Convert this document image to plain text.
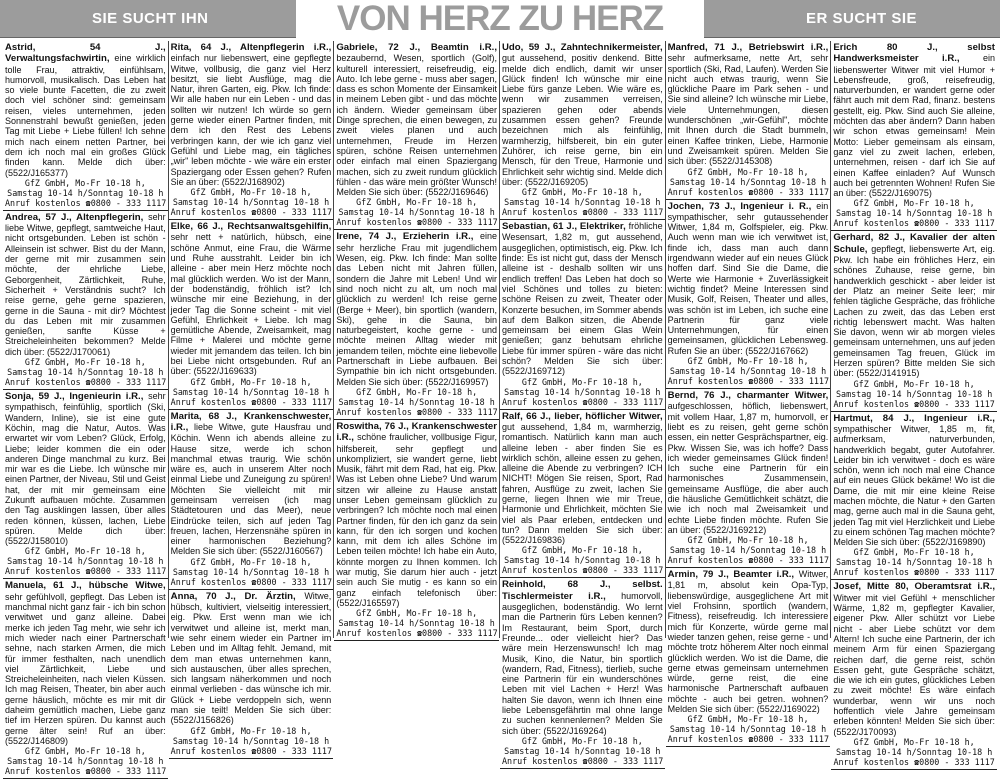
SIE SUCHT IHN	VON HERZ ZU HERZ	ER SUCHT SIE

Astrid, 54 J., Verwaltungsfachwirtin, eine wirklich tolle Frau, attraktiv, einfühlsam, humorvoll, musikalisch. Das Leben hat so viele bunte Facetten, die zu zweit doch viel schöner sind: gemeinsam reisen, vieles unternehmen, jeden Sonnenstrahl bewußt genießen, jeden Tag mit Liebe + Liebe füllen! Ich sehne mich nach einem netten Partner, bei dem ich noch mal ein großes Glück finden kann. Melde dich über: (5522/J165377)

GfZ GmbH, Mo-Fr 10-18 h,
Samstag 10-14 h/Sonntag 10-18 h
Anruf kostenlos ☎0800 - 333 1117

Andrea, 57 J., Altenpflegerin, sehr liebe Witwe, gepflegt, samtweiche Haut, nicht ortsgebunden. Leben ist schön - Alleinsein ist schwer. Bist du der Mann, der gerne mit mir zusammen sein möchte, der ehrliche Liebe, Geborgenheit, Zärtlichkeit, Ruhe, Sicherheit + Verständnis sucht? Ich reise gerne, gehe gerne spazieren, gerne in die Sauna - mit dir? Möchtest du das Leben mit mir zusammen genießen, sanfte Küsse + Streicheleinheiten bekommen? Melde dich über: (5522/J170061)

GfZ GmbH, Mo-Fr 10-18 h,
Samstag 10-14 h/Sonntag 10-18 h
Anruf kostenlos ☎0800 - 333 1117

Sonja, 59 J., Ingenieurin i.R., sehr sympathisch, feinfühlig, sportlich (Ski, Wandern, Inline), sie ist eine gute Köchin, mag die Natur, Autos. Was erwartet wir vom Leben? Glück, Erfolg, Liebe; leider kommen die ein oder anderen Dinge manchmal zu kurz. Bei mir war es die Liebe. Ich wünsche mir einen Partner, der Niveau, Stil und Geist hat, der mit mir gemeinsam eine Zukunft aufbauen möchte. Zusammen den Tag ausklingen lassen, über alles reden können, küssen, lachen, Liebe spüren. Melde dich über: (5522/J158010)

GfZ GmbH, Mo-Fr 10-18 h,
Samstag 10-14 h/Sonntag 10-18 h
Anruf kostenlos ☎0800 - 333 1117

Manuela, 61 J., hübsche Witwe, sehr gefühlvoll, gepflegt. Das Leben ist manchmal nicht ganz fair - ich bin schon verwitwet und ganz alleine. Dabei merke ich jeden Tag mehr, wie sehr ich mich wieder nach einer Partnerschaft sehne, nach starken Armen, die mich für immer festhalten, nach unendlich viel Zärtlichkeit, Liebe und Streicheleinheiten, nach vielen Küssen. Ich mag Reisen, Theater, bin aber auch gerne häuslich, möchte es mir mit dir daheim gemütlich machen, Liebe ganz tief im Herzen spüren. Du kannst auch gerne älter sein! Ruf an über: (5522/J146809)

GfZ GmbH, Mo-Fr 10-18 h,
Samstag 10-14 h/Sonntag 10-18 h
Anruf kostenlos ☎0800 - 333 1117

Rita, 64 J., Altenpflegerin i.R., einfach nur liebenswert, eine gepflegte Witwe, vollbusig, die ganz viel Herz besitzt, sie liebt Ausflüge, mag die Natur, ihren Garten, eig. Pkw. Ich finde: Wir alle haben nur ein Leben - und das sollten wir nutzen! Ich würde so gern gerne wieder einen Partner finden, mit dem ich den Rest des Lebens verbringen kann, der wie ich ganz viel Gefühl und Liebe mag, ein tägliches „wir" leben möchte - wie wäre ein erster Spaziergang oder Essen gehen? Rufen Sie an über: (5522/J168902)

GfZ GmbH, Mo-Fr 10-18 h,
Samstag 10-14 h/Sonntag 10-18 h
Anruf kostenlos ☎0800 - 333 1117

Elke, 66 J., Rechtsanwaltsgehilfin, sehr nett + natürlich, hübsch, eine schöne Anmut, eine Frau, die Wärme und Ruhe ausstrahlt. Leider bin ich alleine - aber mein Herz möchte noch mal glücklich werden. Wo ist der Mann, der bodenständig, fröhlich ist? Ich wünsche mir eine Beziehung, in der jeder Tag die Sonne scheint - mit viel Gefühl, Ehrlichkeit + Liebe. Ich mag gemütliche Abende, Zweisamkeit, mag Filme + Malerei und möchte gerne wieder mit jemandem das teilen. Ich bin bei Liebe nicht ortsgebunden. Ruf an über: (5522/J169633)

GfZ GmbH, Mo-Fr 10-18 h,
Samstag 10-14 h/Sonntag 10-18 h
Anruf kostenlos ☎0800 - 333 1117

Marita, 68 J., Krankenschwester, i.R., liebe Witwe, gute Hausfrau und Köchin. Wenn ich abends alleine zu Hause sitze, werde ich schon manchmal etwas traurig. Wie schön wäre es, auch in unserem Alter noch einmal Liebe und Zuneigung zu spüren! Möchten Sie vielleicht mit mir gemeinsam verreisen (ich mag Städtetouren und das Meer), neue Eindrücke teilen, sich auf jeden Tag freuen, lachen, Herzensnähe spüren in einer harmonischen Beziehung? Melden Sie sich über: (5522/J160567)

GfZ GmbH, Mo-Fr 10-18 h,
Samstag 10-14 h/Sonntag 10-18 h
Anruf kostenlos ☎0800 - 333 1117

Anna, 70 J., Dr. Ärztin, Witwe, hübsch, kultiviert, vielseitig interessiert, eig. Pkw. Erst wenn man wie ich verwitwet und alleine ist, merkt man, wie sehr einem wieder ein Partner im Leben und im Alltag fehlt. Jemand, mit dem man etwas unternehmen kann, sich austauschen, über alles sprechen, sich langsam näherkommen und noch einmal verlieben - das wünsche ich mir. Glück + Liebe verdoppeln sich, wenn man sie teilt! Melden Sie sich über: (5522/J156826)

GfZ GmbH, Mo-Fr 10-18 h,
Samstag 10-14 h/Sonntag 10-18 h
Anruf kostenlos ☎0800 - 333 1117

Gabriele, 72 J., Beamtin i.R., bezaubernd, Wesen, sportlich (Golf), kulturell interessiert, reisefreudig, eig. Auto. Ich lebe gerne - muss aber sagen, dass es schon Momente der Einsamkeit in meinem Leben gibt - und das möchte ich ändern. Wieder gemeinsam über Dinge sprechen, die einen bewegen, zu zweit vieles planen und auch unternehmen, Freude im Herzen spüren, schöne Reisen unternehmen oder einfach mal einen Spaziergang machen, sich zu zweit rundum glücklich fühlen - das wäre mein größter Wunsch! Melden Sie sich über: (5522/J169646)

GfZ GmbH, Mo-Fr 10-18 h,
Samstag 10-14 h/Sonntag 10-18 h
Anruf kostenlos ☎0800 - 333 1117

Irene, 74 J., Erzieherin i.R., eine sehr herzliche Frau mit jugendlichem Wesen, eig. Pkw. Ich finde: Man sollte das Leben nicht mit Jahren füllen, sondern die Jahre mit Leben! Und wir sind noch nicht zu alt, um noch mal glücklich zu werden! Ich reise gerne (Berge + Meer), bin sportlich (wandern, Ski), gehe in die Sauna, bin naturbegeistert, koche gerne - und möchte meinen Alltag wieder mit jemandem teilen, möchte eine liebevolle Partnerschaft in Liebe aufbauen. Bei Sympathie bin ich nicht ortsgebunden. Melden Sie sich über: (5522/J169957)

GfZ GmbH, Mo-Fr 10-18 h,
Samstag 10-14 h/Sonntag 10-18 h
Anruf kostenlos ☎0800 - 333 1117

Roswitha, 76 J., Krankenschwester i.R., schöne fraulicher, vollbusige Figur, hilfsbereit, sehr gepflegt und unkompliziert, sie wandert gerne, liebt Musik, fährt mit dem Rad, hat eig. Pkw. Was ist Leben ohne Liebe? Und warum sitzen wir alleine zu Hause anstatt unser Leben gemeinsam glücklich zu verbringen? Ich möchte noch mal einen Partner finden, für den ich ganz da sein kann, für den ich sorgen und kochen kann, mit dem ich alles Schöne im Leben teilen möchte! Ich habe ein Auto, könnte morgen zu Ihnen kommen. Ich war mutig, Sie darum hier auch - jetzt sein auch Sie mutig - es kann so ein ganz einfach telefonisch über: (5522/J165597)

GfZ GmbH, Mo-Fr 10-18 h,
Samstag 10-14 h/Sonntag 10-18 h
Anruf kostenlos ☎0800 - 333 1117

Udo, 59 J., Zahntechnikermeister, gut aussehend, positiv denkend. Bitte melde dich endlich, damit wir unser Glück finden! Ich wünsche mir eine Liebe fürs ganze Leben. Wie wäre es, wenn wir zusammen verreisen, spazieren gehen oder abends zusammen essen gehen? Freunde bezeichnen mich als feinfühlig, warmherzig, hilfsbereit, bin ein guter Zuhörer, ich reise gerne, bin ein Mensch, für den Treue, Harmonie und Ehrlichkeit sehr wichtig sind. Melde dich über: (5522/J169205)

GfZ GmbH, Mo-Fr 10-18 h,
Samstag 10-14 h/Sonntag 10-18 h
Anruf kostenlos ☎0800 - 333 1117

Sebastian, 61 J., Elektriker, fröhliche Wesensart, 1,82 m, gut aussehend, ausgeglichen, optimistisch, eig. Pkw. Ich finde: Es ist nicht gut, dass der Mensch alleine ist - deshalb sollten wir uns endlich treffen! Das Leben hat doch so viel Schönes und tolles zu bieten: schöne Reisen zu zweit, Theater oder Konzerte besuchen, im Sommer abends auf dem Balkon sitzen, die Abende gemeinsam bei einem Glas Wein genießen; ganz behutsam ehrliche Liebe für immer spüren - wäre das nicht schön? Melden Sie sich über: (5522/J169712)

GfZ GmbH, Mo-Fr 10-18 h,
Samstag 10-14 h/Sonntag 10-18 h
Anruf kostenlos ☎0800 - 333 1117

Ralf, 66 J., lieber, höflicher Witwer, gut aussehend, 1,84 m, warmherzig, romantisch. Natürlich kann man auch alleine leben - aber finden Sie es wirklich schön, alleine essen zu gehen, alleine die Abende zu verbringen? ICH NICHT! Mögen Sie reisen, Sport, Rad fahren, Ausflüge zu zweit, lachen Sie gerne, liegen Ihnen wie mir Treue, Harmonie und Ehrlichkeit, möchten Sie viel als Paar erleben, entdecken und tun? Dann melden Sie sich über: (5522/J169836)

GfZ GmbH, Mo-Fr 10-18 h,
Samstag 10-14 h/Sonntag 10-18 h
Anruf kostenlos ☎0800 - 333 1117

Reinhold, 68 J., selbst. Tischlermeister i.R., humorvoll, ausgeglichen, bodenständig. Wo lernt man die Partnerin fürs Leben kennen? Im Restaurant, beim Sport, durch Freunde... oder vielleicht hier? Das wäre mein Herzenswunsch! Ich mag Musik, Kino, die Natur, bin sportlich (wandern, Rad, Fitness), tierlieb, suche eine Partnerin für ein wunderschönes Leben mit viel Lachen + Herz! Was halten Sie davon, wenn ich Ihnen eine liebe Lebensgefährtin mal ohne lange zu suchen kennenlernen? Melden Sie sich über: (5522/J169264)

GfZ GmbH, Mo-Fr 10-18 h,
Samstag 10-14 h/Sonntag 10-18 h
Anruf kostenlos ☎0800 - 333 1117

Manfred, 71 J., Betriebswirt i.R., sehr aufmerksame, nette Art, sehr sportlich (Ski, Rad, Laufen). Werden Sie nicht auch etwas traurig, wenn Sie glückliche Paare im Park sehen - und Sie sind alleine? Ich wünsche mir Liebe, viele Unternehmungen, diesen wunderschönen „wir-Gefühl", möchte mit Ihnen durch die Stadt bummeln, einen Kaffee trinken, Liebe, Harmonie und Zweisamkeit spüren. Melden Sie sich über: (5522/J145308)

GfZ GmbH, Mo-Fr 10-18 h,
Samstag 10-14 h/Sonntag 10-18 h
Anruf kostenlos ☎0800 - 333 1117

Jochen, 73 J., Ingenieur i. R., ein sympathischer, sehr gutaussehender Witwer, 1,84 m, Golfspieler, eig. Pkw. Auch wenn man wie ich verwitwet ist, finde ich, dass man auch dann irgendwann wieder auf ein neues Glück hoffen darf. Sind Sie die Dame, die Werte wie Harmonie + Zuverlässigkeit wichtig findet? Meine Interessen sind Musik, Golf, Reisen, Theater und alles, was schön ist im Leben, ich suche eine Partnerin für ganz viele Unternehmungen, für einen gemeinsamen, glücklichen Lebensweg. Rufen Sie an über: (5522/J167662)

GfZ GmbH, Mo-Fr 10-18 h,
Samstag 10-14 h/Sonntag 10-18 h
Anruf kostenlos ☎0800 - 333 1117

Bernd, 76 J., charmanter Witwer, aufgeschlossen, höflich, liebenswert, mit vollem Haar, 1,87 m, humorvoll, er liebt es zu reisen, geht gerne schön essen, ein netter Gesprächspartner, eig. Pkw. Wissen Sie, was ich hoffe? Dass ich wieder gemeinsames Glück finden! Ich suche eine Partnerin für ein harmonisches Zusammensein, gemeinsame Ausflüge, die aber auch die häusliche Gemütlichkeit schätzt, die wie ich noch mal Zweisamkeit und echte Liebe finden möchte. Rufen Sie an über: (5522/J169212)

GfZ GmbH, Mo-Fr 10-18 h,
Samstag 10-14 h/Sonntag 10-18 h
Anruf kostenlos ☎0800 - 333 1117

Armin, 79 J., Beamter i.R., Witwer, 1,81 m, absolut kein Opa-Typ, liebenswürdige, ausgeglichene Art mit viel Frohsinn, sportlich (wandern, Fitness), reisefreudig. Ich interessiere mich für Konzerte, würde gerne mal wieder tanzen gehen, reise gerne - und möchte trotz höherem Alter noch einmal glücklich werden. Wo ist die Dame, die gerne etwas gemeinsam unternehmen würde, gerne reist, die eine harmonische Partnerschaft aufbauen möchte - auch bei getren. wohnen? Melden Sie sich über: (5522/J169022)

GfZ GmbH, Mo-Fr 10-18 h,
Samstag 10-14 h/Sonntag 10-18 h
Anruf kostenlos ☎0800 - 333 1117

Erich 80 J., selbst Handwerksmeister i.R., ein liebenswerter Witwer mit viel Humor + Lebensfreude, groß, reisefreudig, naturverbunden, er wandert gerne oder fährt auch mit dem Rad, finanz. bestens gestellt, eig. Pkw. Sind auch Sie alleine, möchten das aber ändern? Dann haben wir schon etwas gemeinsam! Mein Motto: Lieber gemeinsam als einsam, ganz viel zu zweit lachen, erleben, unternehmen, reisen - darf ich Sie auf einen Kaffee einladen? Auf Wunsch auch bei getrennten Wohnen! Rufen Sie an über: (5522/J169075)

GfZ GmbH, Mo-Fr 10-18 h,
Samstag 10-14 h/Sonntag 10-18 h
Anruf kostenlos ☎0800 - 333 1117

Gerhard, 82 J., Kavalier der alten Schule, gepflegt, liebenswerte Art, eig. Pkw. Ich habe ein fröhliches Herz, ein schönes Zuhause, reise gerne, bin handwerklich geschickt - aber leider ist der Platz an meiner Seite leer; mir fehlen tägliche Gespräche, das fröhliche Lachen zu zweit, das das Leben erst richtig lebenswert macht. Was halten Sie davon, wenn wir ab morgen vieles gemeinsam unternehmen, uns auf jeden gemeinsamen Tag freuen, Glück im Herzen spüren? Bitte melden Sie sich über: (5522/J141915)

GfZ GmbH, Mo-Fr 10-18 h,
Samstag 10-14 h/Sonntag 10-18 h
Anruf kostenlos ☎0800 - 333 1117

Hartmut, 84 J., Ingenieur i.R., sympathischer Witwer, 1,85 m, fit, aufmerksam, naturverbunden, handwerklich begabt, guter Autofahrer. Leider bin ich verwitwet - doch es wäre schön, wenn ich noch mal eine Chance auf ein neues Glück bekäme! Wo ist die Dame, die mit mir eine kleine Reise machen möchte, die Natur + den Garten mag, gerne auch mal in die Sauna geht, jeden Tag mit viel Herzlichkeit und Liebe zu einem schönen Tag machen möchte? Melden Sie sich über: (5522/J169890)

GfZ GmbH, Mo-Fr 10-18 h,
Samstag 10-14 h/Sonntag 10-18 h
Anruf kostenlos ☎0800 - 333 1117

Josef, Mitte 80, Oberamtsrat i.R., Witwer mit viel Gefühl + menschlicher Wärme, 1,82 m, gepflegter Kavalier, eigener Pkw. Aller schützt vor Liebe nicht - aber Liebe schützt vor dem Altern! Ich suche eine Partnerin, der ich meinem Arm für einen Spaziergang reichen darf, die gerne reist, schön Essen geht, gute Gespräche schätzt, die wie ich ein gutes, glückliches Leben zu zweit möchte! Es wäre einfach wunderbar, wenn wir uns noch hoffentlich viele Jahre gemeinsam erleben könnten! Melden Sie sich über: (5522/J170093)

GfZ GmbH, Mo-Fr 10-18 h,
Samstag 10-14 h/Sonntag 10-18 h
Anruf kostenlos ☎0800 - 333 1117
